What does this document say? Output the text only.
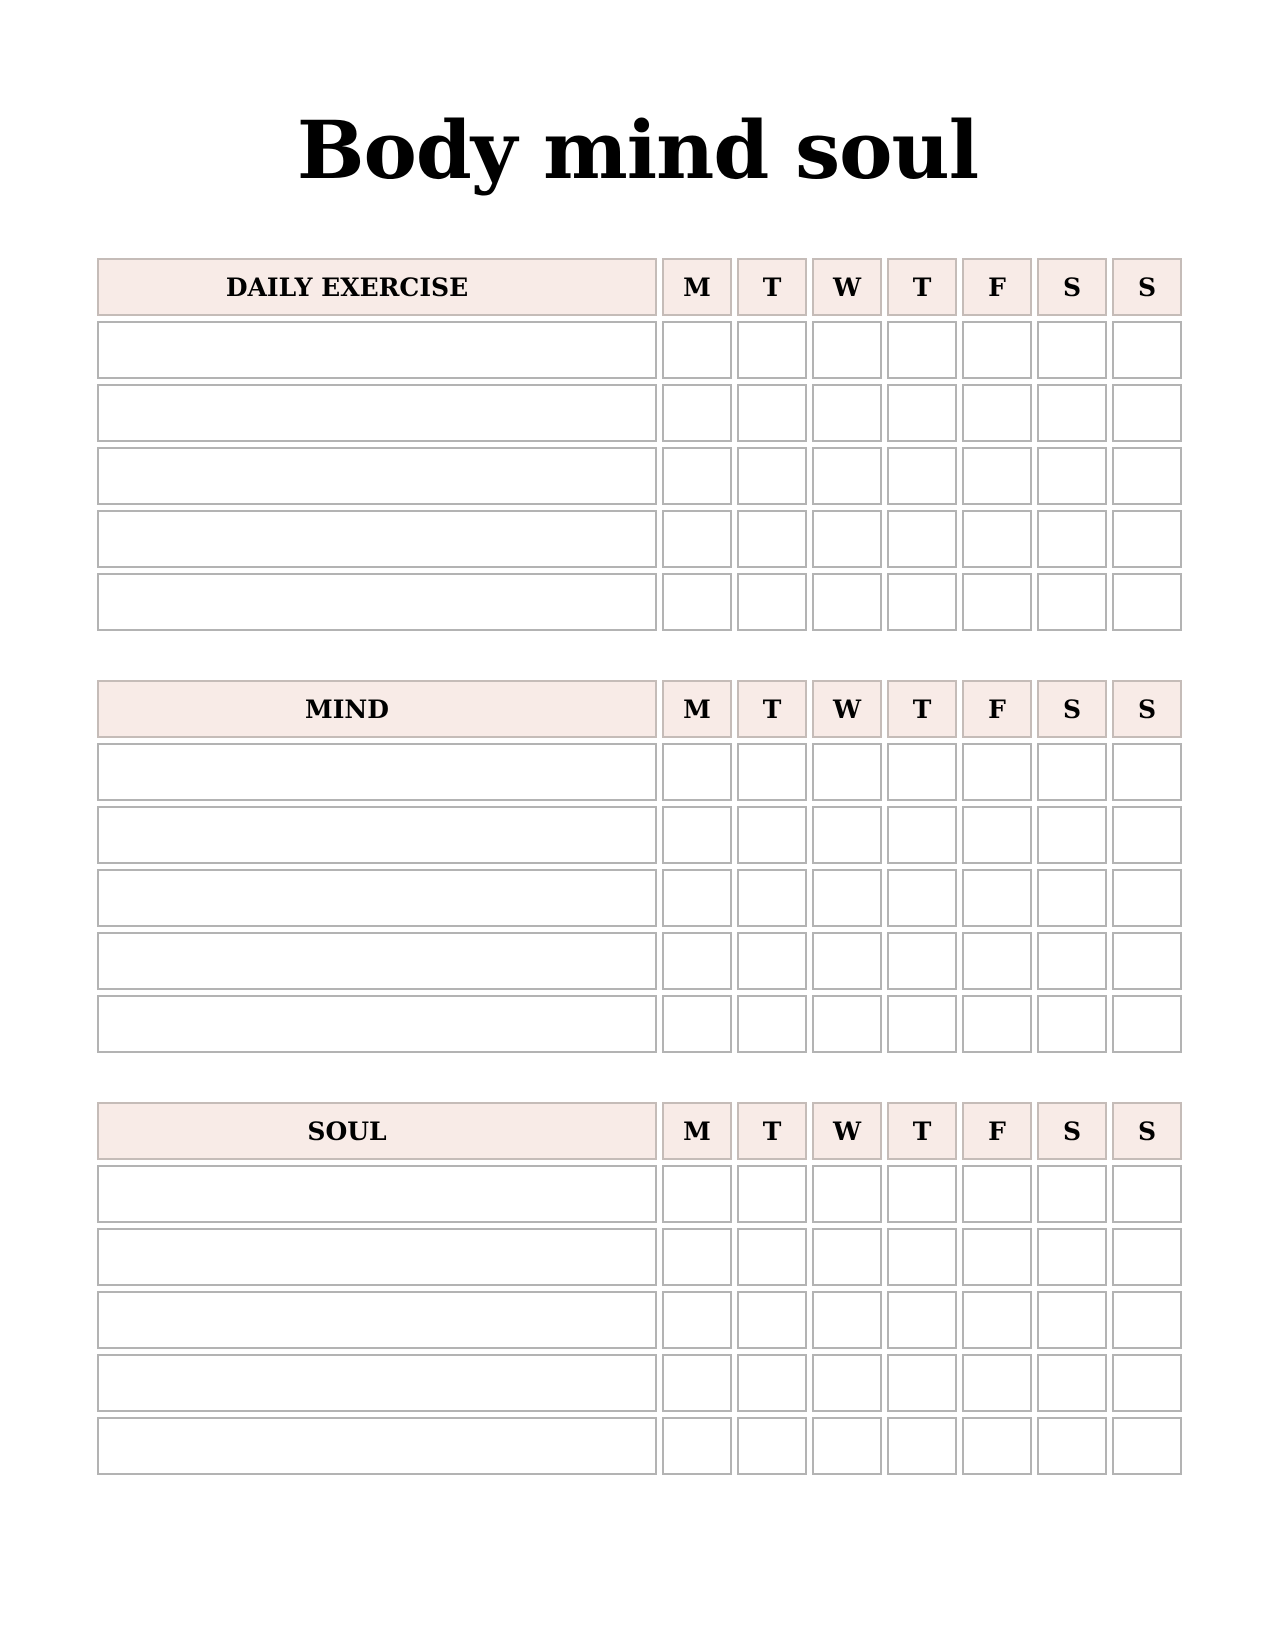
Body mind soul
DAILY EXERCISE	M	T	W	T	F	S	S
MIND	M	T	W	T	F	S	S
SOUL	M	T	W	T	F	S	S
